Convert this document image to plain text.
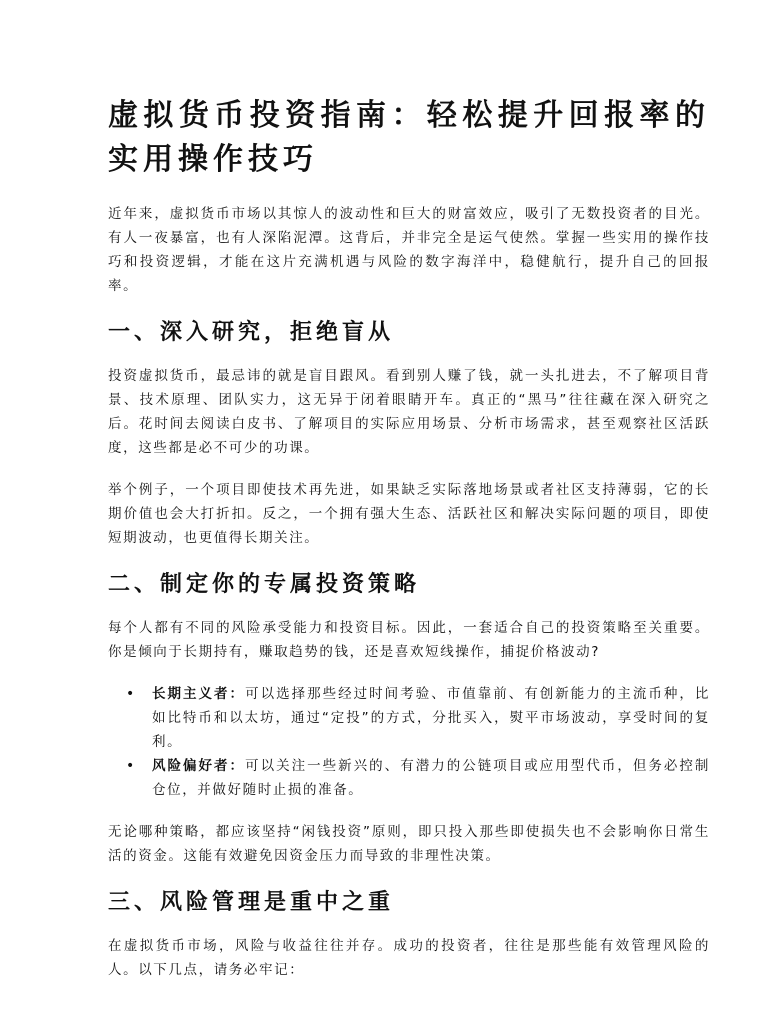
虚拟货币投资指南：轻松提升回报率的实用操作技巧

近年来，虚拟货币市场以其惊人的波动性和巨大的财富效应，吸引了无数投资者的目光。有人一夜暴富，也有人深陷泥潭。这背后，并非完全是运气使然。掌握一些实用的操作技巧和投资逻辑，才能在这片充满机遇与风险的数字海洋中，稳健航行，提升自己的回报率。

一、深入研究，拒绝盲从

投资虚拟货币，最忌讳的就是盲目跟风。看到别人赚了钱，就一头扎进去，不了解项目背景、技术原理、团队实力，这无异于闭着眼睛开车。真正的“黑马”往往藏在深入研究之后。花时间去阅读白皮书、了解项目的实际应用场景、分析市场需求，甚至观察社区活跃度，这些都是必不可少的功课。

举个例子，一个项目即使技术再先进，如果缺乏实际落地场景或者社区支持薄弱，它的长期价值也会大打折扣。反之，一个拥有强大生态、活跃社区和解决实际问题的项目，即使短期波动，也更值得长期关注。

二、制定你的专属投资策略

每个人都有不同的风险承受能力和投资目标。因此，一套适合自己的投资策略至关重要。你是倾向于长期持有，赚取趋势的钱，还是喜欢短线操作，捕捉价格波动?

• 长期主义者：可以选择那些经过时间考验、市值靠前、有创新能力的主流币种，比如比特币和以太坊，通过“定投”的方式，分批买入，熨平市场波动，享受时间的复利。
• 风险偏好者：可以关注一些新兴的、有潜力的公链项目或应用型代币，但务必控制仓位，并做好随时止损的准备。

无论哪种策略，都应该坚持“闲钱投资”原则，即只投入那些即使损失也不会影响你日常生活的资金。这能有效避免因资金压力而导致的非理性决策。

三、风险管理是重中之重

在虚拟货币市场，风险与收益往往并存。成功的投资者，往往是那些能有效管理风险的人。以下几点，请务必牢记：
